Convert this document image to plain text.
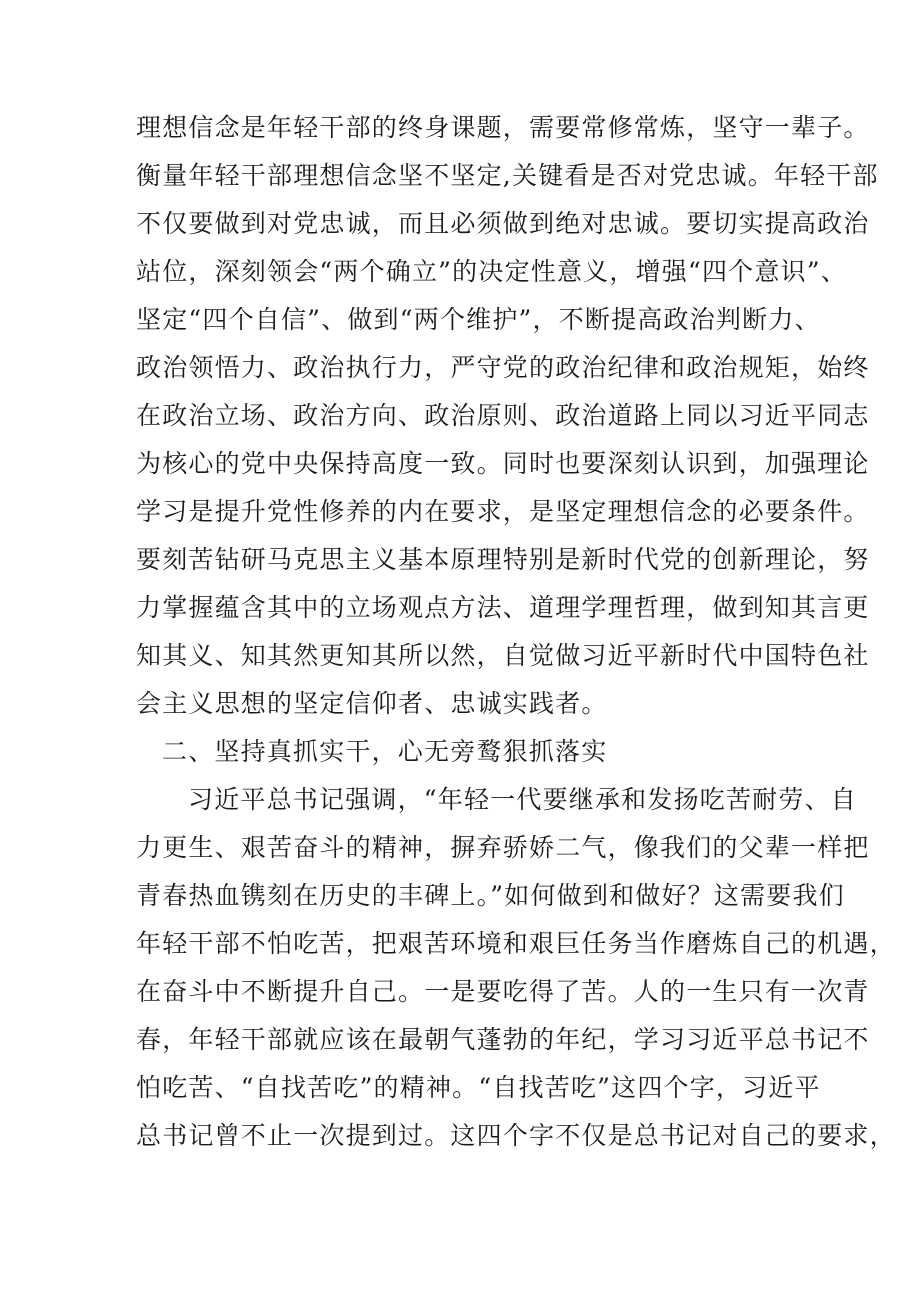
理想信念是年轻干部的终身课题，需要常修常炼，坚守一辈子。
衡量年轻干部理想信念坚不坚定,关键看是否对党忠诚。年轻干部
不仅要做到对党忠诚，而且必须做到绝对忠诚。要切实提高政治
站位，深刻领会“两个确立”的决定性意义，增强“四个意识”、
坚定“四个自信”、做到“两个维护”，不断提高政治判断力、
政治领悟力、政治执行力，严守党的政治纪律和政治规矩，始终
在政治立场、政治方向、政治原则、政治道路上同以习近平同志
为核心的党中央保持高度一致。同时也要深刻认识到，加强理论
学习是提升党性修养的内在要求，是坚定理想信念的必要条件。
要刻苦钻研马克思主义基本原理特别是新时代党的创新理论，努
力掌握蕴含其中的立场观点方法、道理学理哲理，做到知其言更
知其义、知其然更知其所以然，自觉做习近平新时代中国特色社
会主义思想的坚定信仰者、忠诚实践者。
二、坚持真抓实干，心无旁鹜狠抓落实
习近平总书记强调，“年轻一代要继承和发扬吃苦耐劳、自
力更生、艰苦奋斗的精神，摒弃骄娇二气，像我们的父辈一样把
青春热血镌刻在历史的丰碑上。”如何做到和做好？这需要我们
年轻干部不怕吃苦，把艰苦环境和艰巨任务当作磨炼自己的机遇，
在奋斗中不断提升自己。一是要吃得了苦。人的一生只有一次青
春，年轻干部就应该在最朝气蓬勃的年纪，学习习近平总书记不
怕吃苦、“自找苦吃”的精神。“自找苦吃”这四个字，习近平
总书记曾不止一次提到过。这四个字不仅是总书记对自己的要求，
